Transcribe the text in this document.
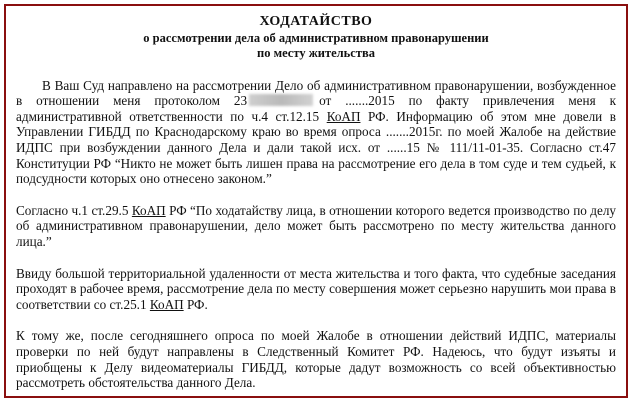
ХОДАТАЙСТВО
о рассмотрении дела об административном правонарушении
по месту жительства

В Ваш Суд направлено на рассмотрении Дело об административном правонарушении, возбужденное в отношении меня протоколом 23	от .......2015 по факту привлечения меня к административной ответственности по ч.4 ст.12.15 КоАП РФ. Информацию об этом мне довели в Управлении ГИБДД по Краснодарскому краю во время опроса .......2015г. по моей Жалобе на действие ИДПС при возбуждении данного Дела и дали такой исх. от ......15 № 111/11-01-35. Согласно ст.47 Конституции РФ “Никто не может быть лишен права на рассмотрение его дела в том суде и тем судьей, к подсудности которых оно отнесено законом.”

Согласно ч.1 ст.29.5 КоАП РФ “По ходатайству лица, в отношении которого ведется производство по делу об административном правонарушении, дело может быть рассмотрено по месту жительства данного лица.”

Ввиду большой территориальной удаленности от места жительства и того факта, что судебные заседания проходят в рабочее время, рассмотрение дела по месту совершения может серьезно нарушить мои права в соответствии со ст.25.1 КоАП РФ.

К тому же, после сегодняшнего опроса по моей Жалобе в отношении действий ИДПС, материалы проверки по ней будут направлены в Следственный Комитет РФ. Надеюсь, что будут изъяты и приобщены к Делу видеоматериалы ГИБДД, которые дадут возможность со всей объективностью рассмотреть обстоятельства данного Дела.
